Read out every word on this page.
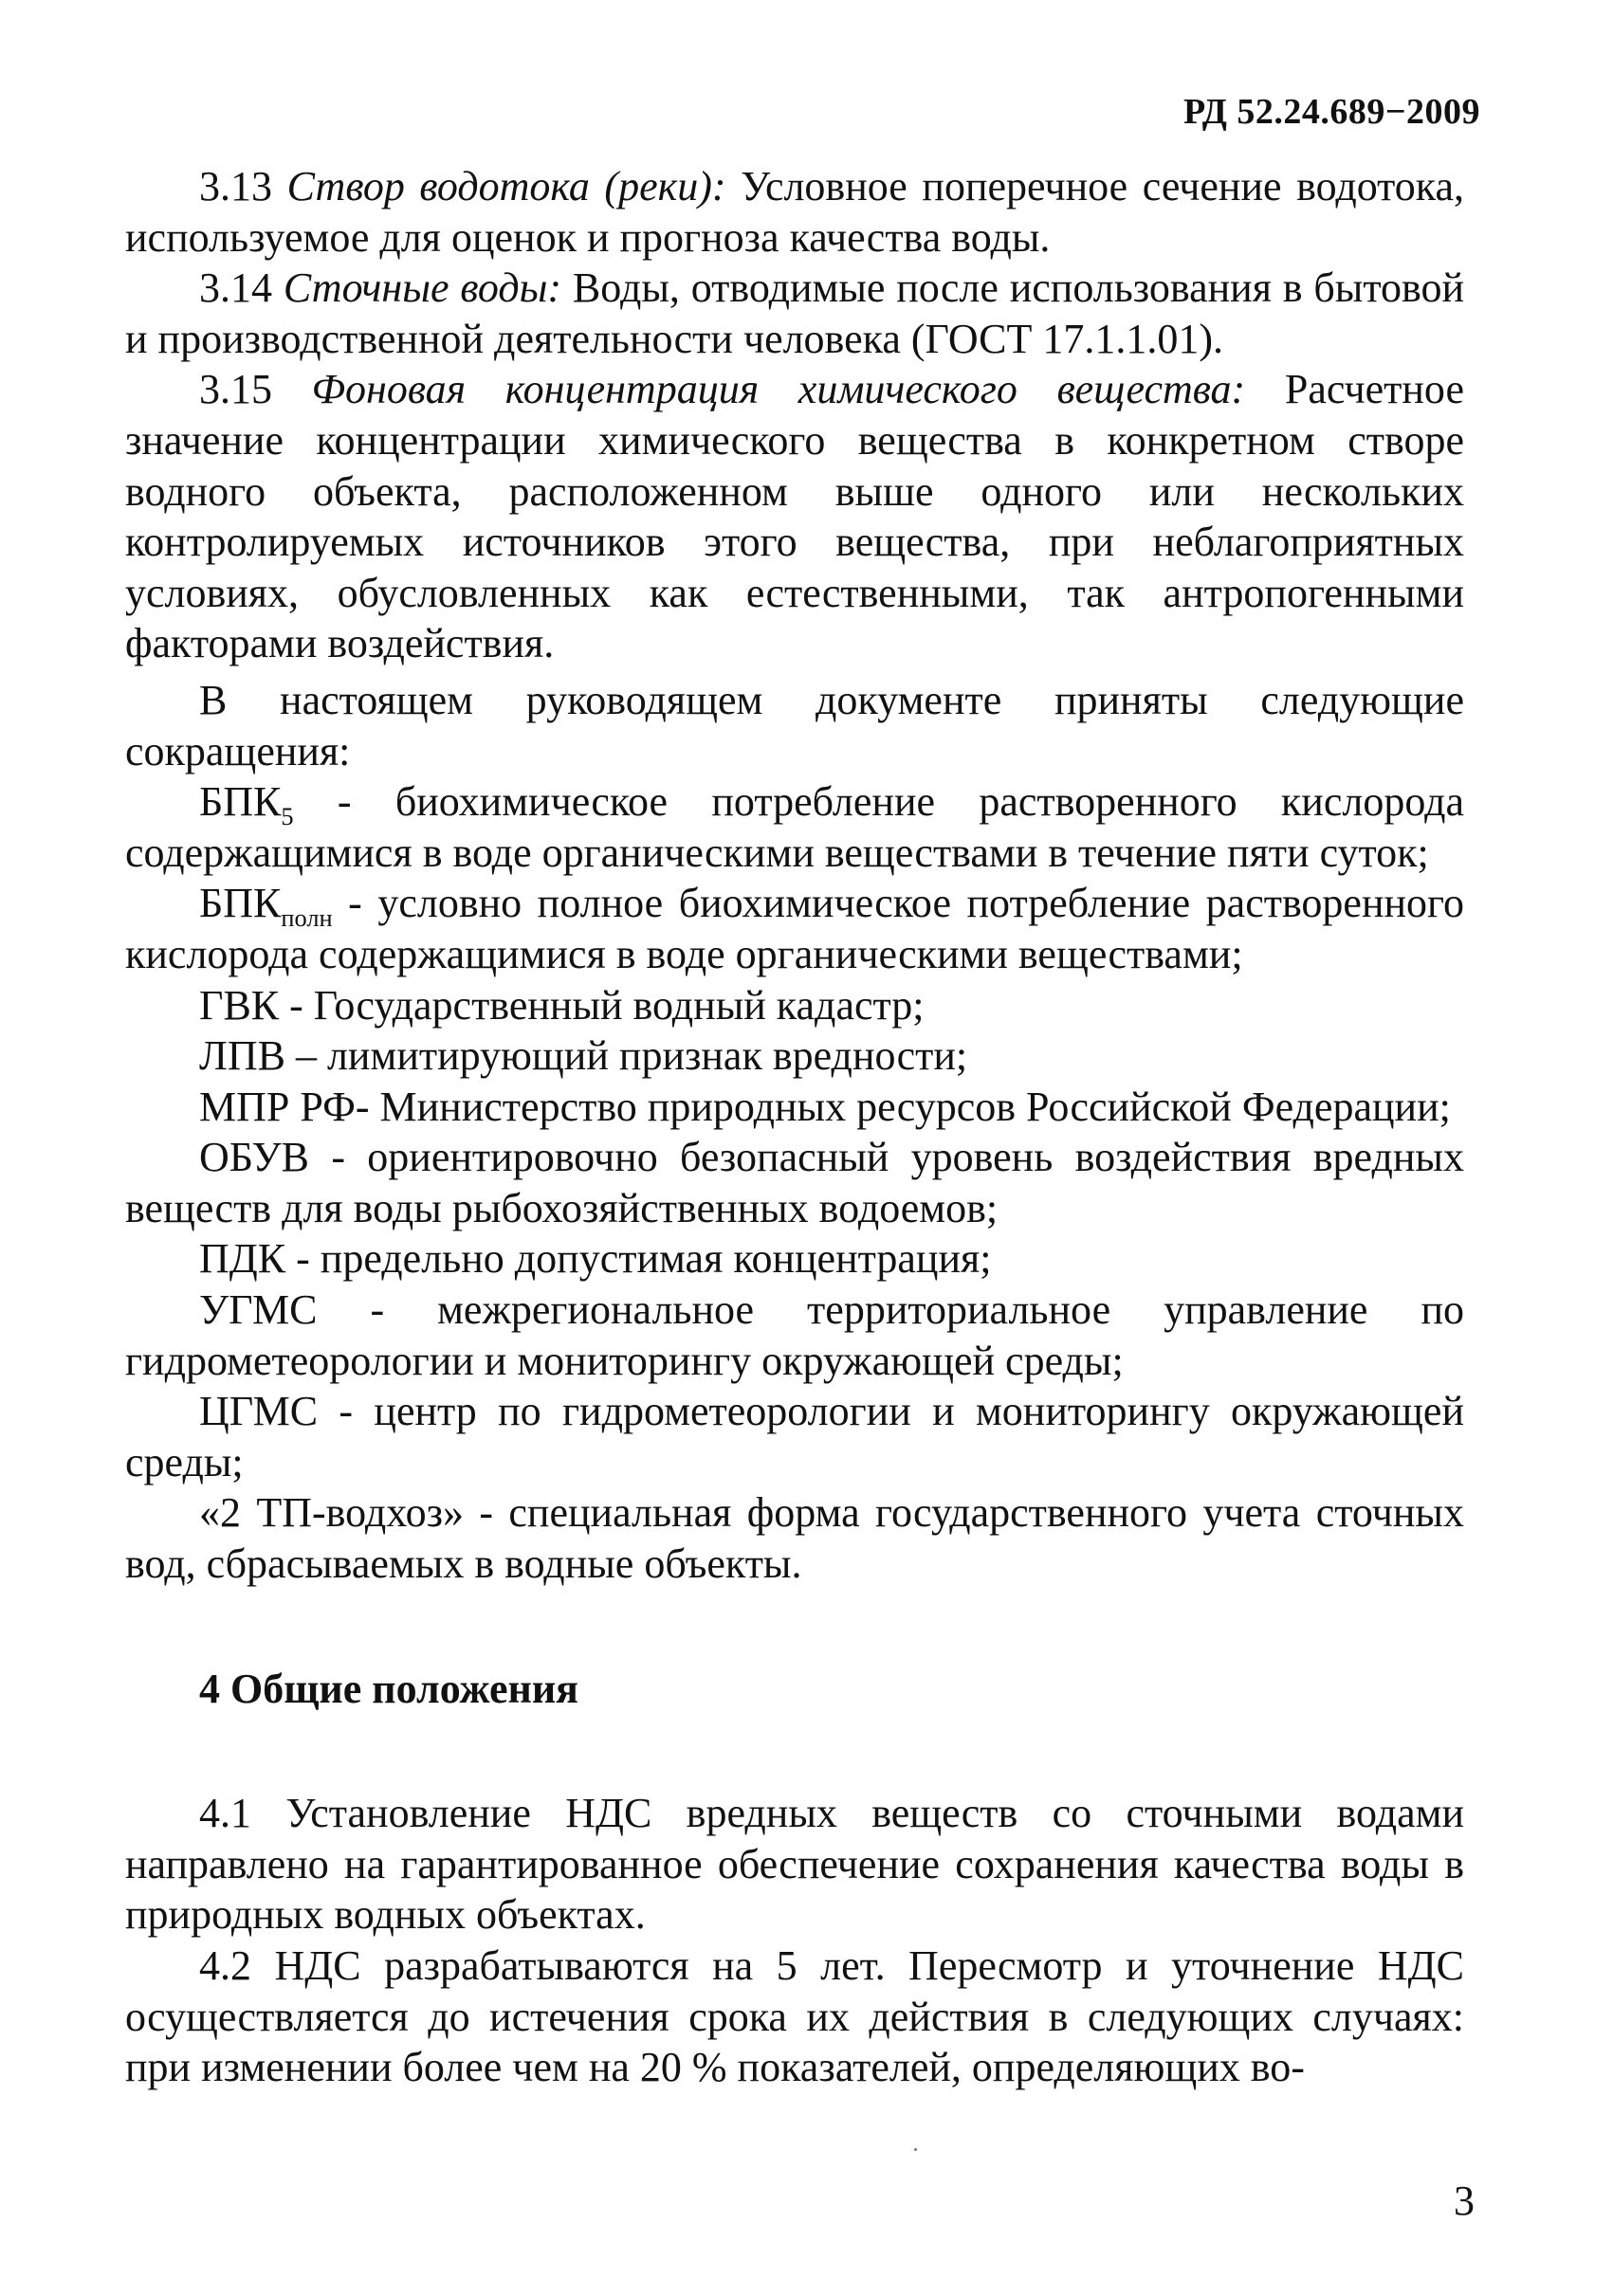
РД 52.24.689−2009

3.13 Створ водотока (реки): Условное поперечное сечение водотока, используемое для оценок и прогноза качества воды.

3.14 Сточные воды: Воды, отводимые после использования в бытовой и производственной деятельности человека (ГОСТ 17.1.1.01).

3.15 Фоновая концентрация химического вещества: Расчетное значение концентрации химического вещества в конкретном створе водного объекта, расположенном выше одного или нескольких контролируемых источников этого вещества, при неблагоприятных условиях, обусловленных как естественными, так антропогенными факторами воздействия.

В настоящем руководящем документе приняты следующие сокращения:

$БПК_5$ - биохимическое потребление растворенного кислорода содержащимися в воде органическими веществами в течение пяти суток;

$БПК_{полн}$ - условно полное биохимическое потребление растворенного кислорода содержащимися в воде органическими веществами;

ГВК - Государственный водный кадастр;

ЛПВ – лимитирующий признак вредности;

МПР РФ- Министерство природных ресурсов Российской Федерации;

ОБУВ - ориентировочно безопасный уровень воздействия вредных веществ для воды рыбохозяйственных водоемов;

ПДК - предельно допустимая концентрация;

УГМС - межрегиональное территориальное управление по гидрометеорологии и мониторингу окружающей среды;

ЦГМС - центр по гидрометеорологии и мониторингу окружающей среды;

«2 ТП-водхоз» - специальная форма государственного учета сточных вод, сбрасываемых в водные объекты.

4 Общие положения

4.1 Установление НДС вредных веществ со сточными водами направлено на гарантированное обеспечение сохранения качества воды в природных водных объектах.

4.2 НДС разрабатываются на 5 лет. Пересмотр и уточнение НДС осуществляется до истечения срока их действия в следующих случаях: при изменении более чем на 20 % показателей, определяющих во-

3
